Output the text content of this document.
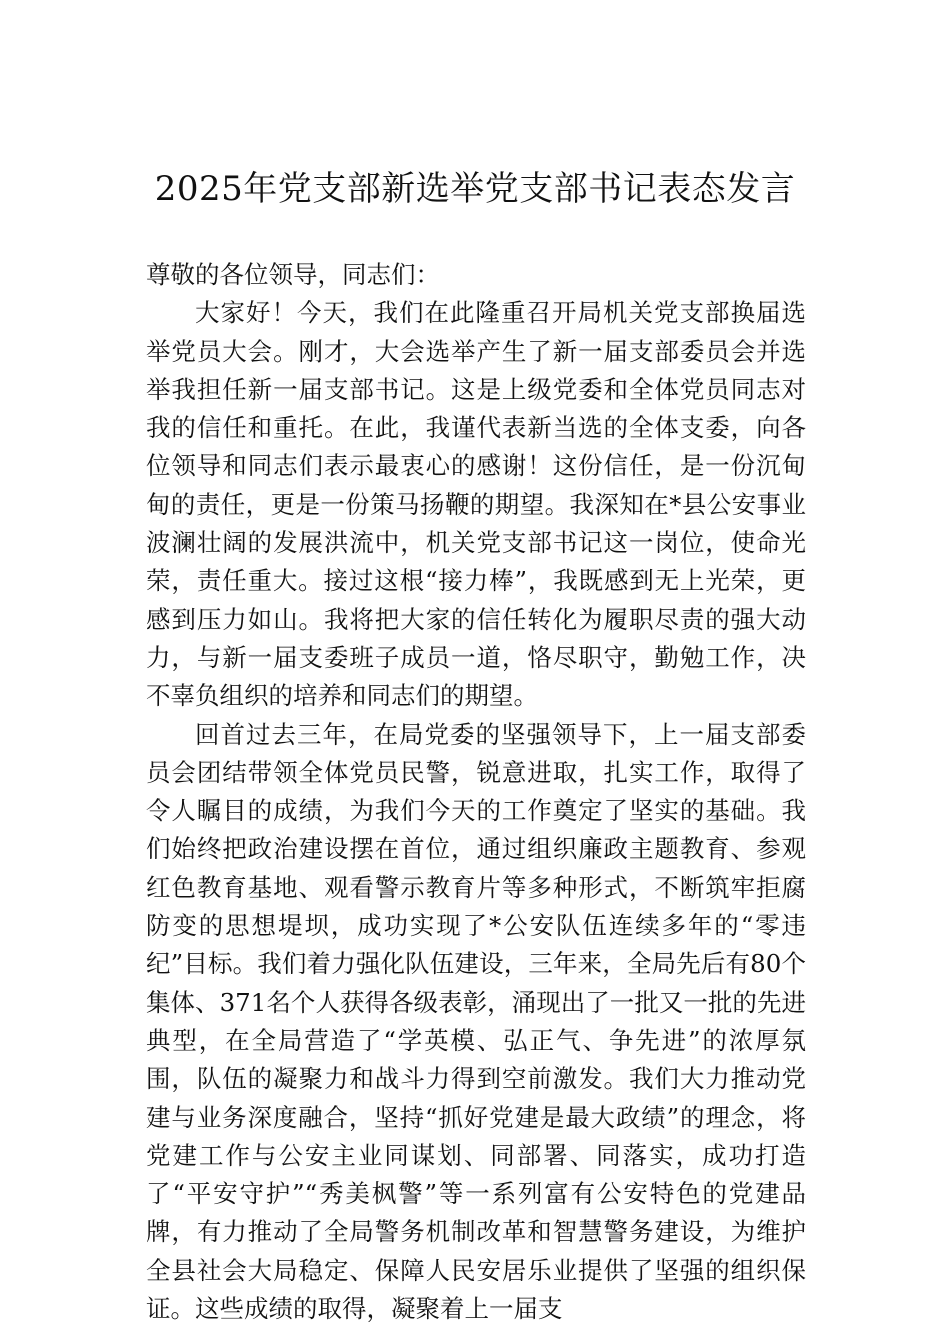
2025年党支部新选举党支部书记表态发言

尊敬的各位领导，同志们：

大家好！今天，我们在此隆重召开局机关党支部换届选举党员大会。刚才，大会选举产生了新一届支部委员会并选举我担任新一届支部书记。这是上级党委和全体党员同志对我的信任和重托。在此，我谨代表新当选的全体支委，向各位领导和同志们表示最衷心的感谢！这份信任，是一份沉甸甸的责任，更是一份策马扬鞭的期望。我深知在*县公安事业波澜壮阔的发展洪流中，机关党支部书记这一岗位，使命光荣，责任重大。接过这根“接力棒”，我既感到无上光荣，更感到压力如山。我将把大家的信任转化为履职尽责的强大动力，与新一届支委班子成员一道，恪尽职守，勤勉工作，决不辜负组织的培养和同志们的期望。

回首过去三年，在局党委的坚强领导下，上一届支部委员会团结带领全体党员民警，锐意进取，扎实工作，取得了令人瞩目的成绩，为我们今天的工作奠定了坚实的基础。我们始终把政治建设摆在首位，通过组织廉政主题教育、参观红色教育基地、观看警示教育片等多种形式，不断筑牢拒腐防变的思想堤坝，成功实现了*公安队伍连续多年的“零违纪”目标。我们着力强化队伍建设，三年来，全局先后有80个集体、371名个人获得各级表彰，涌现出了一批又一批的先进典型，在全局营造了“学英模、弘正气、争先进”的浓厚氛围，队伍的凝聚力和战斗力得到空前激发。我们大力推动党建与业务深度融合，坚持“抓好党建是最大政绩”的理念，将党建工作与公安主业同谋划、同部署、同落实，成功打造了“平安守护”“秀美枫警”等一系列富有公安特色的党建品牌，有力推动了全局警务机制改革和智慧警务建设，为维护全县社会大局稳定、保障人民安居乐业提供了坚强的组织保证。这些成绩的取得，凝聚着上一届支
